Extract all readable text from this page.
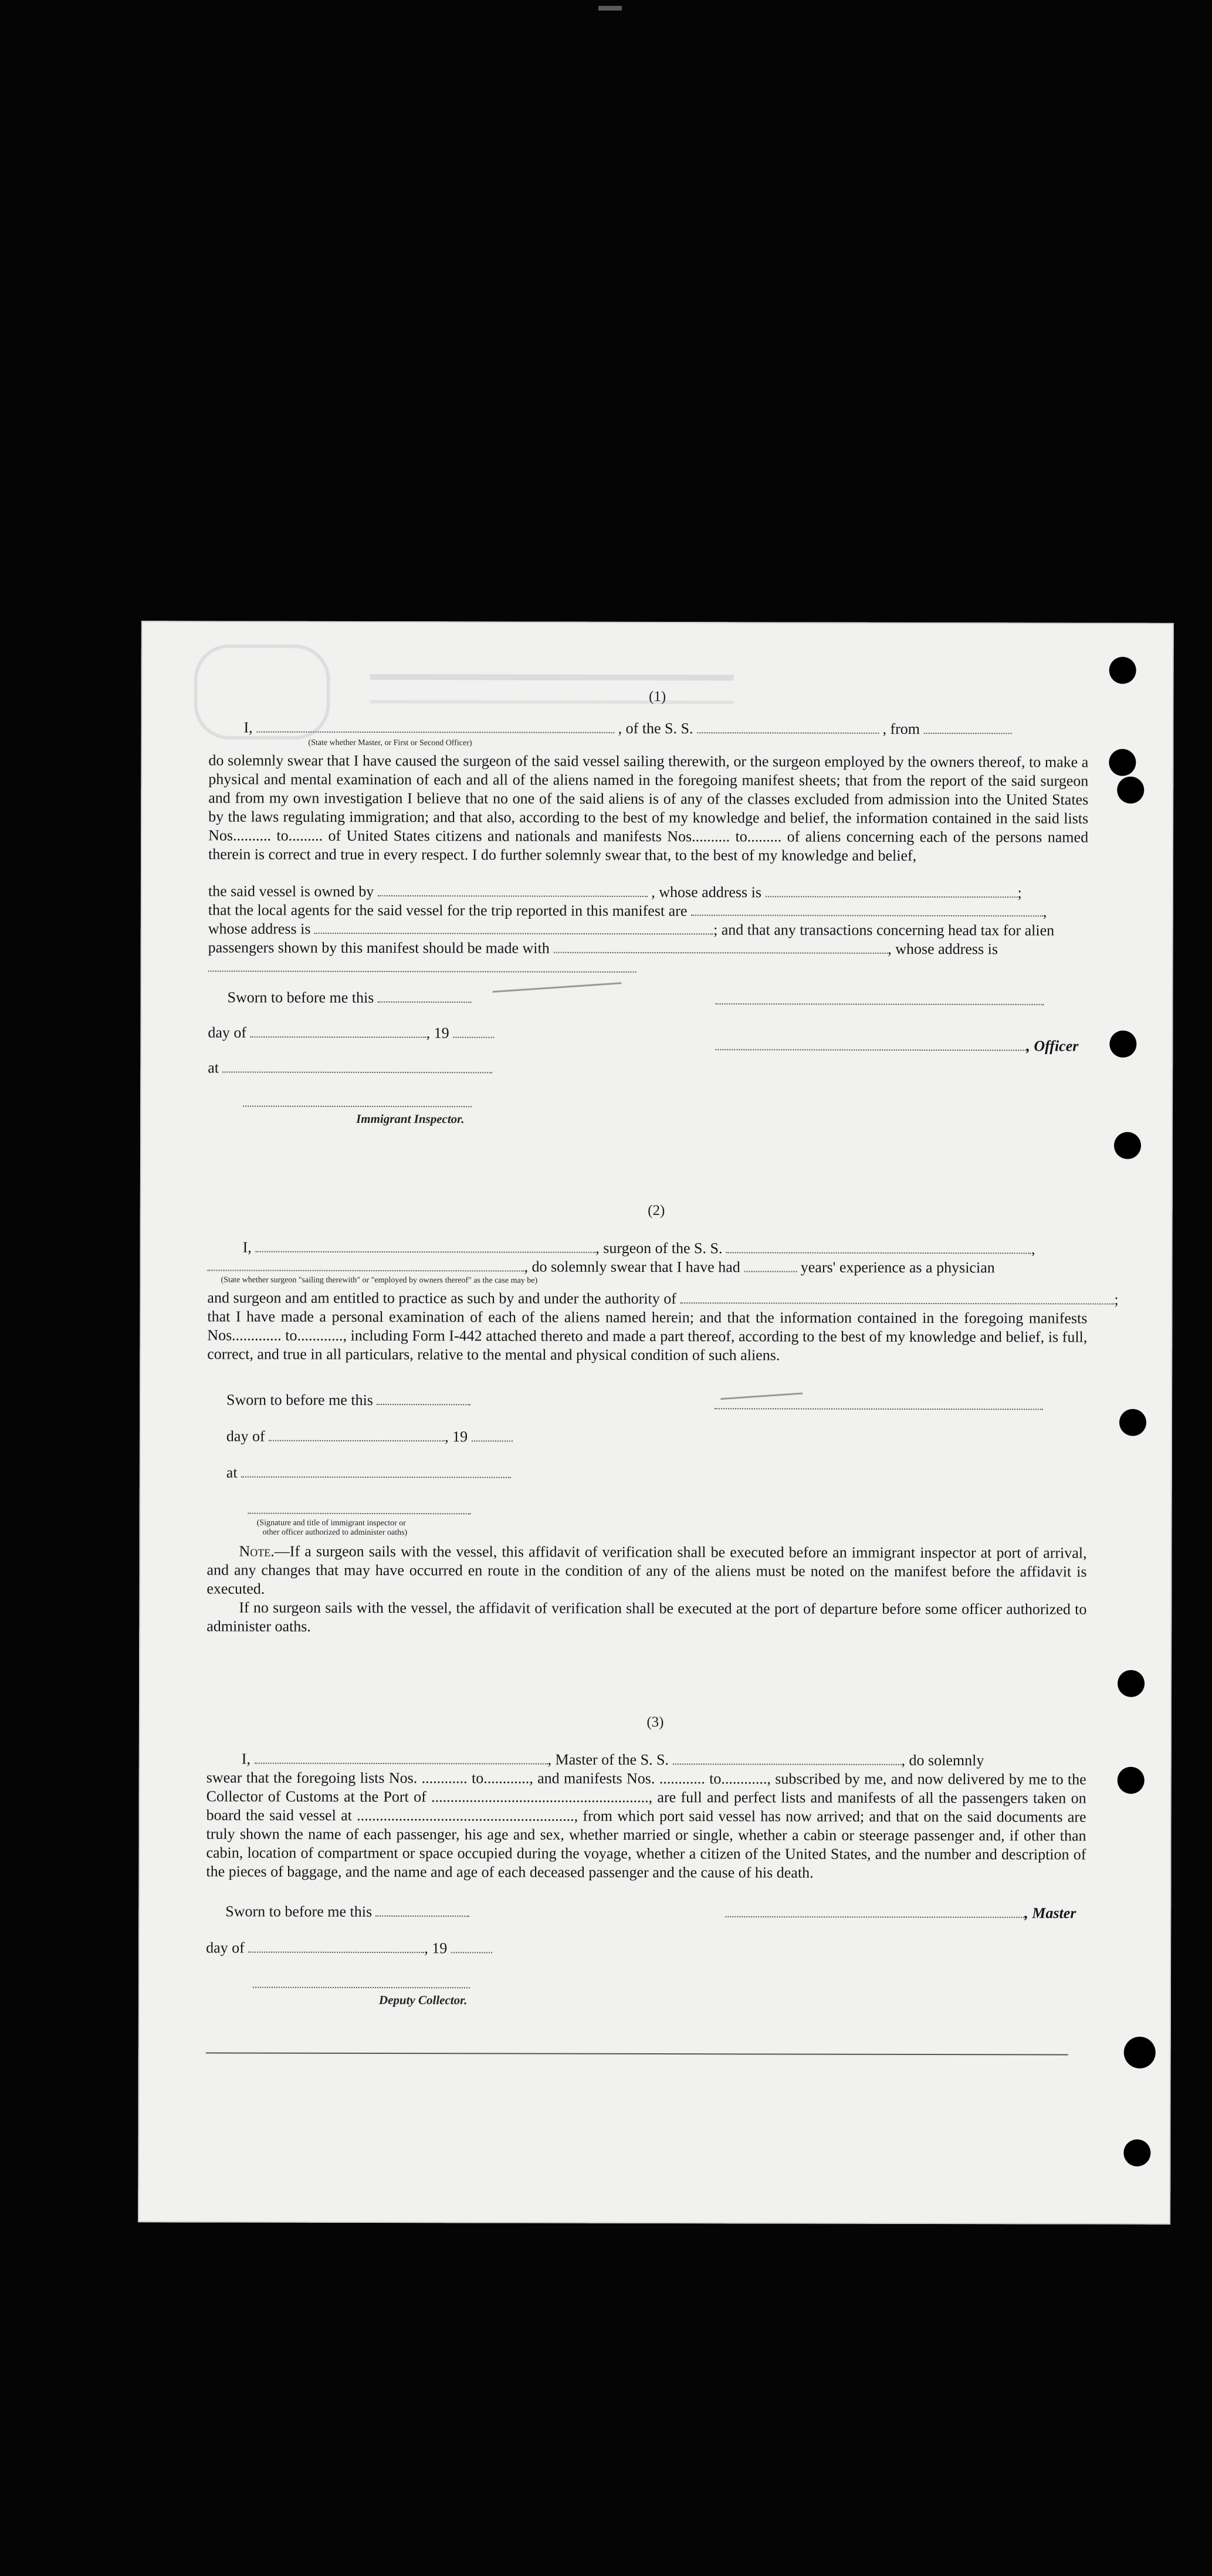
(1)
I,	, of the S. S.	, from
(State whether Master, or First or Second Officer)
do solemnly swear that I have caused the surgeon of the said vessel sailing therewith, or the surgeon employed by the owners thereof, to make a physical and mental examination of each and all of the aliens named in the foregoing manifest sheets; that from the report of the said surgeon and from my own investigation I believe that no one of the said aliens is of any of the classes excluded from admission into the United States by the laws regulating immigration; and that also, according to the best of my knowledge and belief, the information contained in the said lists Nos.......... to......... of United States citizens and nationals and manifests Nos.......... to......... of aliens concerning each of the persons named therein is correct and true in every respect. I do further solemnly swear that, to the best of my knowledge and belief,
the said vessel is owned by	, whose address is	;
that the local agents for the said vessel for the trip reported in this manifest are	,
whose address is	; and that any transactions concerning head tax for alien
passengers shown by this manifest should be made with	, whose address is
Sworn to before me this
day of	, 19
, Officer
at
Immigrant Inspector.
(2)
I,	, surgeon of the S. S.	,
, do solemnly swear that I have had	years' experience as a physician
(State whether surgeon "sailing therewith" or "employed by owners thereof" as the case may be)
and surgeon and am entitled to practice as such by and under the authority of	;
that I have made a personal examination of each of the aliens named herein; and that the information contained in the foregoing manifests Nos............. to............, including Form I-442 attached thereto and made a part thereof, according to the best of my knowledge and belief, is full, correct, and true in all particulars, relative to the mental and physical condition of such aliens.
Sworn to before me this
day of	, 19
at
(Signature and title of immigrant inspector or
other officer authorized to administer oaths)
Note.—If a surgeon sails with the vessel, this affidavit of verification shall be executed before an immigrant inspector at port of arrival, and any changes that may have occurred en route in the condition of any of the aliens must be noted on the manifest before the affidavit is executed.
If no surgeon sails with the vessel, the affidavit of verification shall be executed at the port of departure before some officer authorized to administer oaths.
(3)
I,	, Master of the S. S.	, do solemnly
swear that the foregoing lists Nos. ............ to............, and manifests Nos. ............ to............, subscribed by me, and now delivered by me to the Collector of Customs at the Port of ........................................................., are full and perfect lists and manifests of all the passengers taken on board the said vessel at ........................................................., from which port said vessel has now arrived; and that on the said documents are truly shown the name of each passenger, his age and sex, whether married or single, whether a cabin or steerage passenger and, if other than cabin, location of compartment or space occupied during the voyage, whether a citizen of the United States, and the number and description of the pieces of baggage, and the name and age of each deceased passenger and the cause of his death.
Sworn to before me this	, Master
day of	, 19
Deputy Collector.
